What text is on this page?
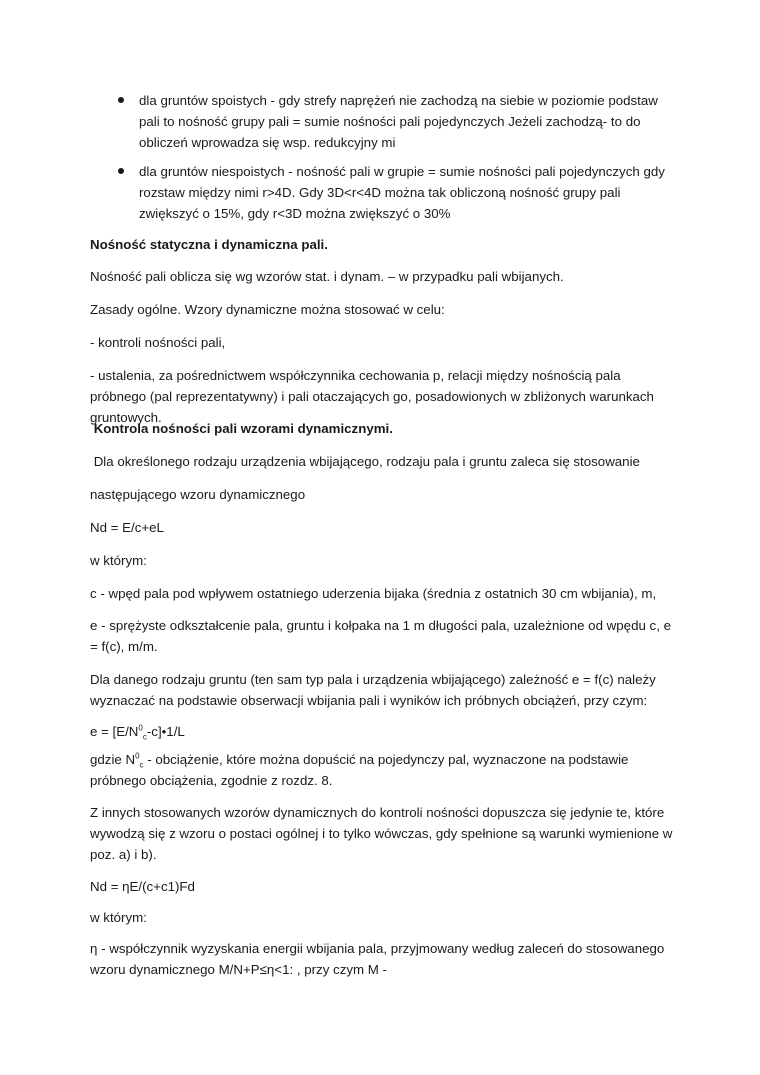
dla gruntów spoistych - gdy strefy naprężeń nie zachodzą na siebie w poziomie podstaw pali to nośność grupy pali = sumie nośności pali pojedynczych Jeżeli zachodzą- to do obliczeń wprowadza się wsp. redukcyjny mi
dla gruntów niespoistych - nośność pali w grupie = sumie nośności pali pojedynczych gdy rozstaw między nimi r>4D. Gdy 3D<r<4D można tak obliczoną nośność grupy pali zwiększyć o 15%, gdy r<3D można zwiększyć o 30%
Nośność statyczna i dynamiczna pali.
Nośność pali oblicza się wg wzorów stat. i dynam. – w przypadku pali wbijanych.
Zasady ogólne. Wzory dynamiczne można stosować w celu:
- kontroli nośności pali,
- ustalenia, za pośrednictwem współczynnika cechowania p, relacji między nośnością pala próbnego (pal reprezentatywny) i pali otaczających go, posadowionych w zbliżonych warunkach gruntowych.
Kontrola nośności pali wzorami dynamicznymi.
Dla określonego rodzaju urządzenia wbijającego, rodzaju pala i gruntu zaleca się stosowanie
następującego wzoru dynamicznego
Nd = E/c+eL
w którym:
c - wpęd pala pod wpływem ostatniego uderzenia bijaka (średnia z ostatnich 30 cm wbijania), m,
e - sprężyste odkształcenie pala, gruntu i kołpaka na 1 m długości pala, uzależnione od wpędu c, e = f(c), m/m.
Dla danego rodzaju gruntu (ten sam typ pala i urządzenia wbijającego) zależność e = f(c) należy wyznaczać na podstawie obserwacji wbijania pali i wyników ich próbnych obciążeń, przy czym:
$e = [E/N^0_c-c]•1/L$
gdzie $N^0_c$ - obciążenie, które można dopuścić na pojedynczy pal, wyznaczone na podstawie próbnego obciążenia, zgodnie z rozdz. 8.
Z innych stosowanych wzorów dynamicznych do kontroli nośności dopuszcza się jedynie te, które wywodzą się z wzoru o postaci ogólnej i to tylko wówczas, gdy spełnione są warunki wymienione w poz. a) i b).
Nd = ηE/(c+c1)Fd
w którym:
η - współczynnik wyzyskania energii wbijania pala, przyjmowany według zaleceń do stosowanego wzoru dynamicznego M/N+P≤η<1: , przy czym M -
